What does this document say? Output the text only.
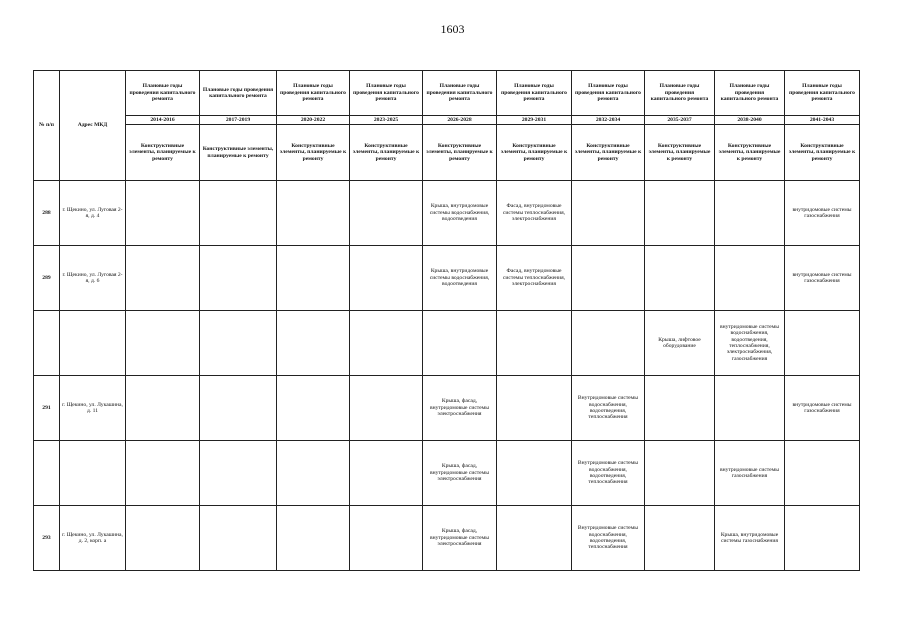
1603
№ п/п	Адрес МКД	Плановые годы проведения капитального ремонта	Плановые годы проведения капитального ремонта	Плановые годы проведения капитального ремонта	Плановые годы проведения капитального ремонта	Плановые годы проведения капитального ремонта	Плановые годы проведения капитального ремонта	Плановые годы проведения капитального ремонта	Плановые годы проведения капитального ремонта	Плановые годы проведения капитального ремонта	Плановые годы проведения капитального ремонта
		2014-2016	2017-2019	2020-2022	2023-2025	2026-2028	2029-2031	2032-2034	2035-2037	2038-2040	2041-2043
		Конструктивные элементы, планируемые к ремонту	Конструктивные элементы, планируемые к ремонту	Конструктивные элементы, планируемые к ремонту	Конструктивные элементы, планируемые к ремонту	Конструктивные элементы, планируемые к ремонту	Конструктивные элементы, планируемые к ремонту	Конструктивные элементы, планируемые к ремонту	Конструктивные элементы, планируемые к ремонту	Конструктивные элементы, планируемые к ремонту	Конструктивные элементы, планируемые к ремонту
288	г. Щекино, ул. Луговая 2-я, д. 4					Крыша, внутридомовые системы водоснабжения, водоотведения	Фасад, внутридомовые системы теплоснабжения, электроснабжения				внутридомовые системы газоснабжения
289	г. Щекино, ул. Луговая 2-я, д. 6					Крыша, внутридомовые системы водоснабжения, водоотведения	Фасад, внутридомовые системы теплоснабжения, электроснабжения				внутридомовые системы газоснабжения
									Крыша, лифтовое оборудование	внутридомовые системы водоснабжения, водоотведения, теплоснабжения, электроснабжения, газоснабжения	
291	г. Щекино, ул. Лукашина, д. 11					Крыша, фасад, внутридомовые системы электроснабжения		Внутридомовые системы водоснабжения, водоотведения, теплоснабжения			внутридомовые системы газоснабжения
						Крыша, фасад, внутридомовые системы электроснабжения		Внутридомовые системы водоснабжения, водоотведения, теплоснабжения		внутридомовые системы газоснабжения	
293	г. Щекино, ул. Лукашина, д. 2, корп. а					Крыша, фасад, внутридомовые системы электроснабжения		Внутридомовые системы водоснабжения, водоотведения, теплоснабжения		Крыша, внутридомовые системы газоснабжения	
